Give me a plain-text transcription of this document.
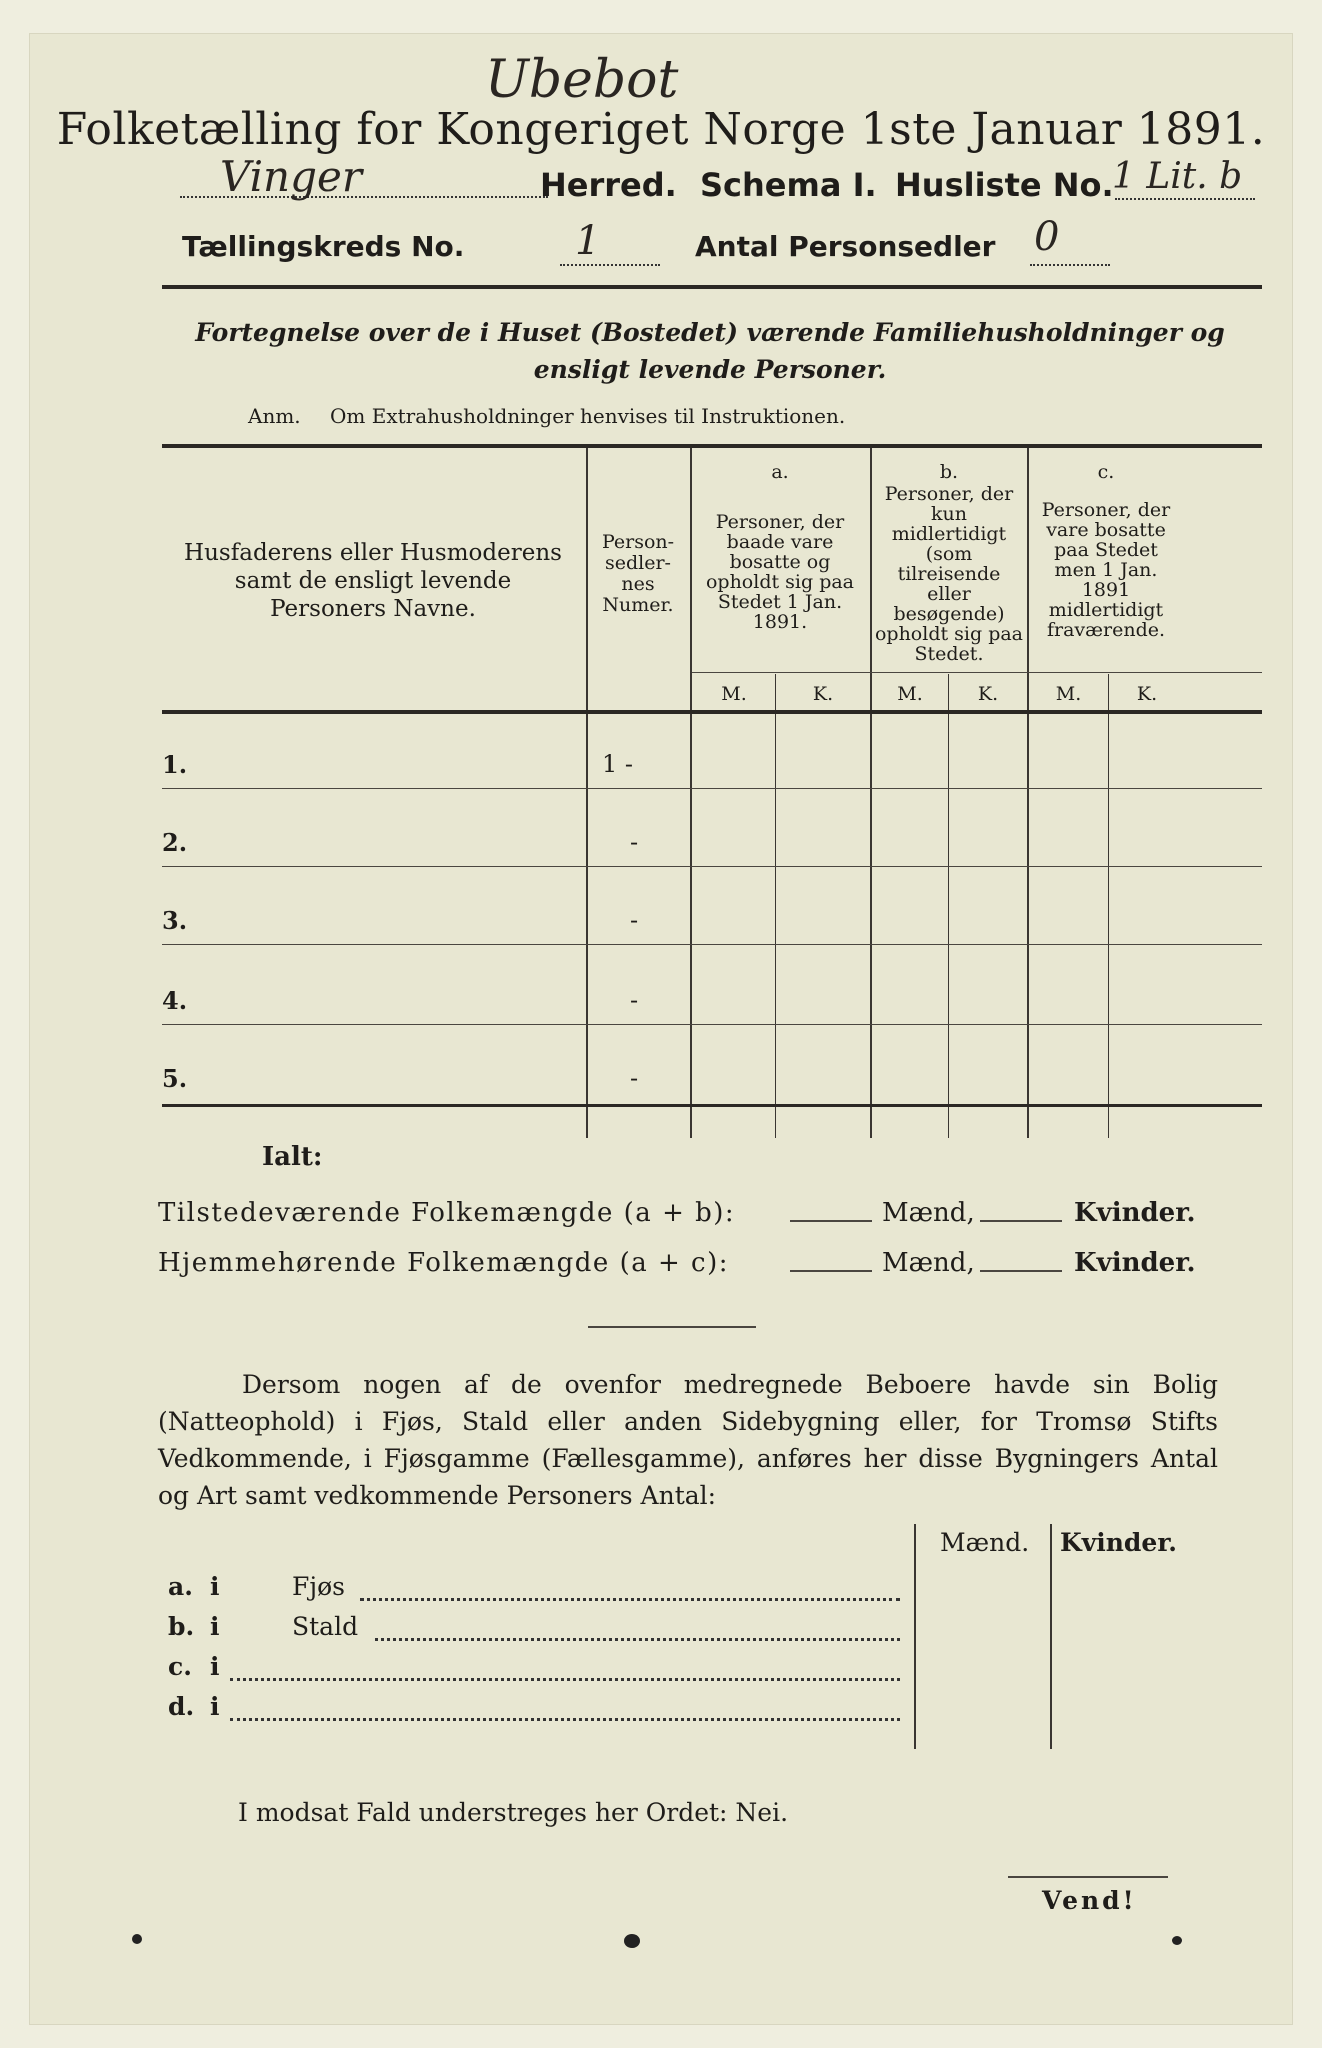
Ubebot
Folketælling for Kongeriget Norge 1ste Januar 1891.
Vinger	Herred. Schema I. Husliste No.
1 Lit. b
Tællingskreds No.	1	Antal Personsedler 0
Fortegnelse over de i Huset (Bostedet) værende Familiehusholdninger og ensligt levende Personer.
Anm. Om Extrahusholdninger henvises til Instruktionen.
Husfaderens eller Husmoderens samt de ensligt levende Personers Navne.
Person-sedler-nes Numer.
a.
Personer, der baade vare bosatte og opholdt sig paa Stedet 1 Jan. 1891.
b.
Personer, der kun midlertidigt (som tilreisende eller besøgende) opholdt sig paa Stedet.
c.
Personer, der vare bosatte paa Stedet men 1 Jan. 1891 midlertidigt fraværende.
M.	K.	M.	K.	M.	K.
1.	1 -
2.	-
3.	-
4.	-
5.	-
Ialt:
Tilstedeværende Folkemængde (a + b):	Mænd,	Kvinder.
Hjemmehørende Folkemængde (a + c):	Mænd,	Kvinder.
Dersom nogen af de ovenfor medregnede Beboere havde sin Bolig (Natteophold) i Fjøs, Stald eller anden Sidebygning eller, for Tromsø Stifts Vedkommende, i Fjøsgamme (Fællesgamme), anføres her disse Bygningers Antal og Art samt vedkommende Personers Antal:
Mænd. Kvinder.
a. i	Fjøs
b. i	Stald
c. i
d. i
I modsat Fald understreges her Ordet: Nei.
Vend!
